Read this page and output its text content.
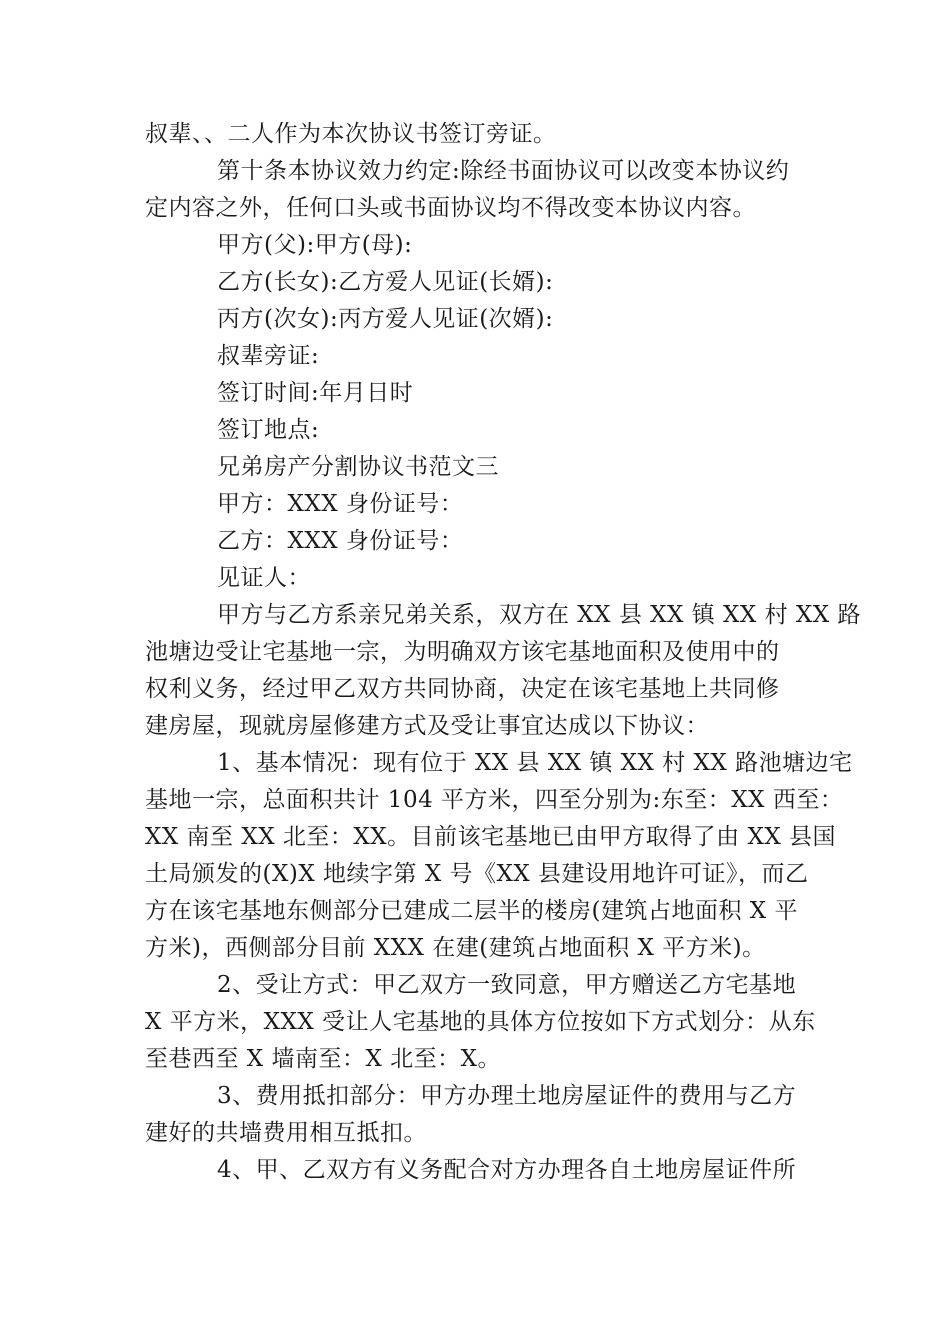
叔辈、、二人作为本次协议书签订旁证。
第十条本协议效力约定:除经书面协议可以改变本协议约
定内容之外，任何口头或书面协议均不得改变本协议内容。
甲方(父):甲方(母):
乙方(长女):乙方爱人见证(长婿):
丙方(次女):丙方爱人见证(次婿):
叔辈旁证:
签订时间:年月日时
签订地点:
兄弟房产分割协议书范文三
甲方：XXX 身份证号：
乙方：XXX 身份证号：
见证人：
甲方与乙方系亲兄弟关系，双方在 XX 县 XX 镇 XX 村 XX 路
池塘边受让宅基地一宗，为明确双方该宅基地面积及使用中的
权利义务，经过甲乙双方共同协商，决定在该宅基地上共同修
建房屋，现就房屋修建方式及受让事宜达成以下协议：
1、基本情况：现有位于 XX 县 XX 镇 XX 村 XX 路池塘边宅
基地一宗，总面积共计 104 平方米，四至分别为:东至：XX 西至：
XX 南至 XX 北至：XX。目前该宅基地已由甲方取得了由 XX 县国
土局颁发的(X)X 地续字第 X 号《XX 县建设用地许可证》，而乙
方在该宅基地东侧部分已建成二层半的楼房(建筑占地面积 X 平
方米)，西侧部分目前 XXX 在建(建筑占地面积 X 平方米)。
2、受让方式：甲乙双方一致同意，甲方赠送乙方宅基地
X 平方米，XXX 受让人宅基地的具体方位按如下方式划分：从东
至巷西至 X 墙南至：X 北至：X。
3、费用抵扣部分：甲方办理土地房屋证件的费用与乙方
建好的共墙费用相互抵扣。
4、甲、乙双方有义务配合对方办理各自土地房屋证件所
